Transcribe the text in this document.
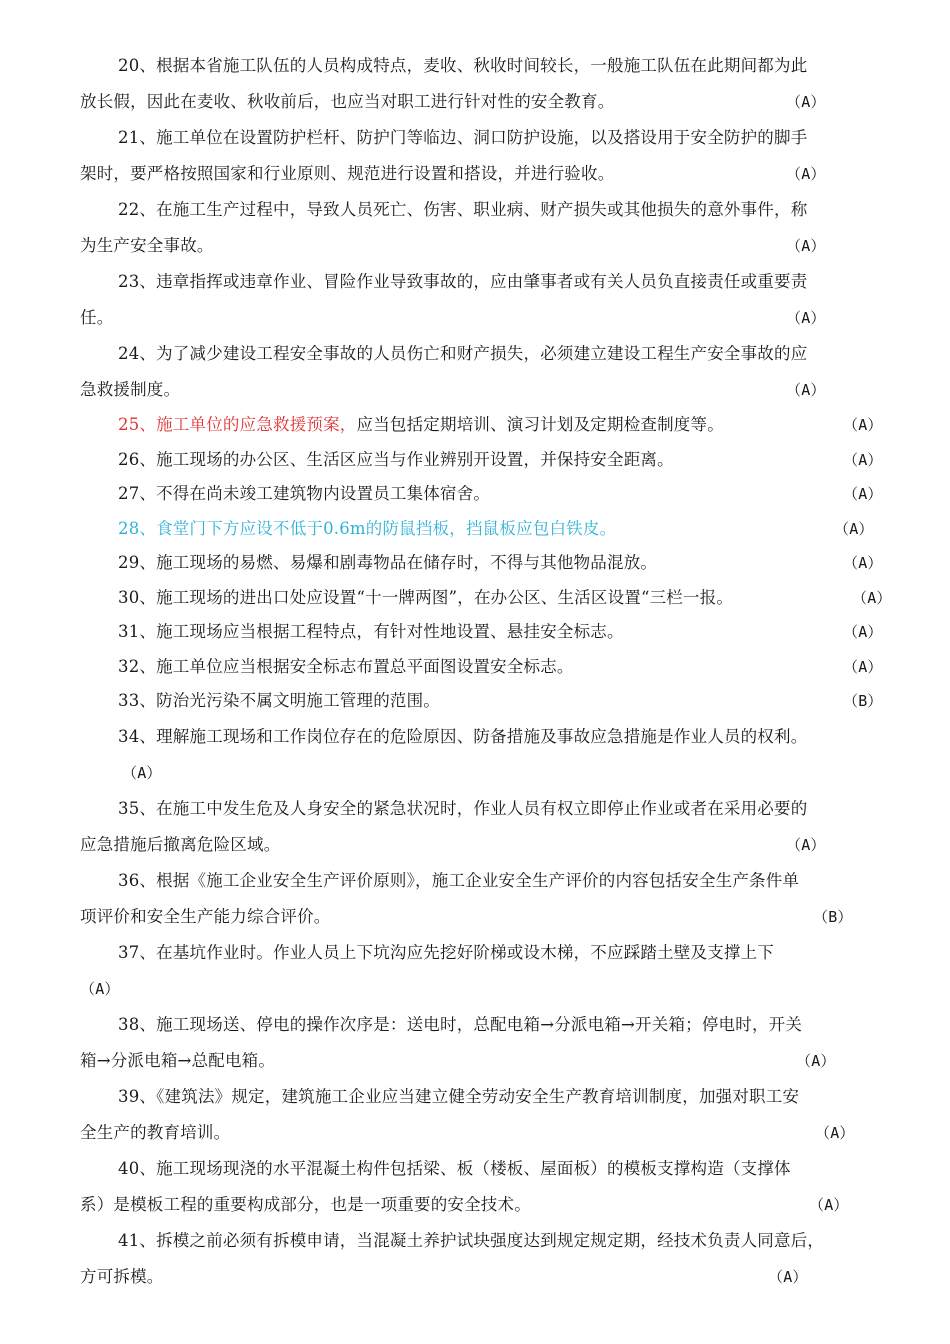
20、根据本省施工队伍的人员构成特点，麦收、秋收时间较长，一般施工队伍在此期间都为此
放长假，因此在麦收、秋收前后，也应当对职工进行针对性的安全教育。	（A）
21、施工单位在设置防护栏杆、防护门等临边、洞口防护设施，以及搭设用于安全防护的脚手
架时，要严格按照国家和行业原则、规范进行设置和搭设，并进行验收。	（A）
22、在施工生产过程中，导致人员死亡、伤害、职业病、财产损失或其他损失的意外事件，称
为生产安全事故。	（A）
23、违章指挥或违章作业、冒险作业导致事故的，应由肇事者或有关人员负直接责任或重要责
任。	（A）
24、为了减少建设工程安全事故的人员伤亡和财产损失，必须建立建设工程生产安全事故的应
急救援制度。	（A）
25、施工单位的应急救援预案，应当包括定期培训、演习计划及定期检查制度等。	（A）
26、施工现场的办公区、生活区应当与作业辨别开设置，并保持安全距离。	（A）
27、不得在尚未竣工建筑物内设置员工集体宿舍。	（A）
28、食堂门下方应设不低于0.6m的防鼠挡板，挡鼠板应包白铁皮。	（A）
29、施工现场的易燃、易爆和剧毒物品在储存时，不得与其他物品混放。	（A）
30、施工现场的进出口处应设置“十一牌两图”，在办公区、生活区设置“三栏一报。	（A）
31、施工现场应当根据工程特点，有针对性地设置、悬挂安全标志。	（A）
32、施工单位应当根据安全标志布置总平面图设置安全标志。	（A）
33、防治光污染不属文明施工管理的范围。	（B）
34、理解施工现场和工作岗位存在的危险原因、防备措施及事故应急措施是作业人员的权利。
（A）
35、在施工中发生危及人身安全的紧急状况时，作业人员有权立即停止作业或者在采用必要的
应急措施后撤离危险区域。	（A）
36、根据《施工企业安全生产评价原则》，施工企业安全生产评价的内容包括安全生产条件单
项评价和安全生产能力综合评价。	（B）
37、在基坑作业时。作业人员上下坑沟应先挖好阶梯或设木梯，不应踩踏土壁及支撑上下
（A）
38、施工现场送、停电的操作次序是：送电时，总配电箱→分派电箱→开关箱；停电时，开关
箱→分派电箱→总配电箱。	（A）
39、《建筑法》规定，建筑施工企业应当建立健全劳动安全生产教育培训制度，加强对职工安
全生产的教育培训。	（A）
40、施工现场现浇的水平混凝土构件包括梁、板（楼板、屋面板）的模板支撑构造（支撑体
系）是模板工程的重要构成部分，也是一项重要的安全技术。	（A）
41、拆模之前必须有拆模申请，当混凝土养护试块强度达到规定规定期，经技术负责人同意后，
方可拆模。	（A）
